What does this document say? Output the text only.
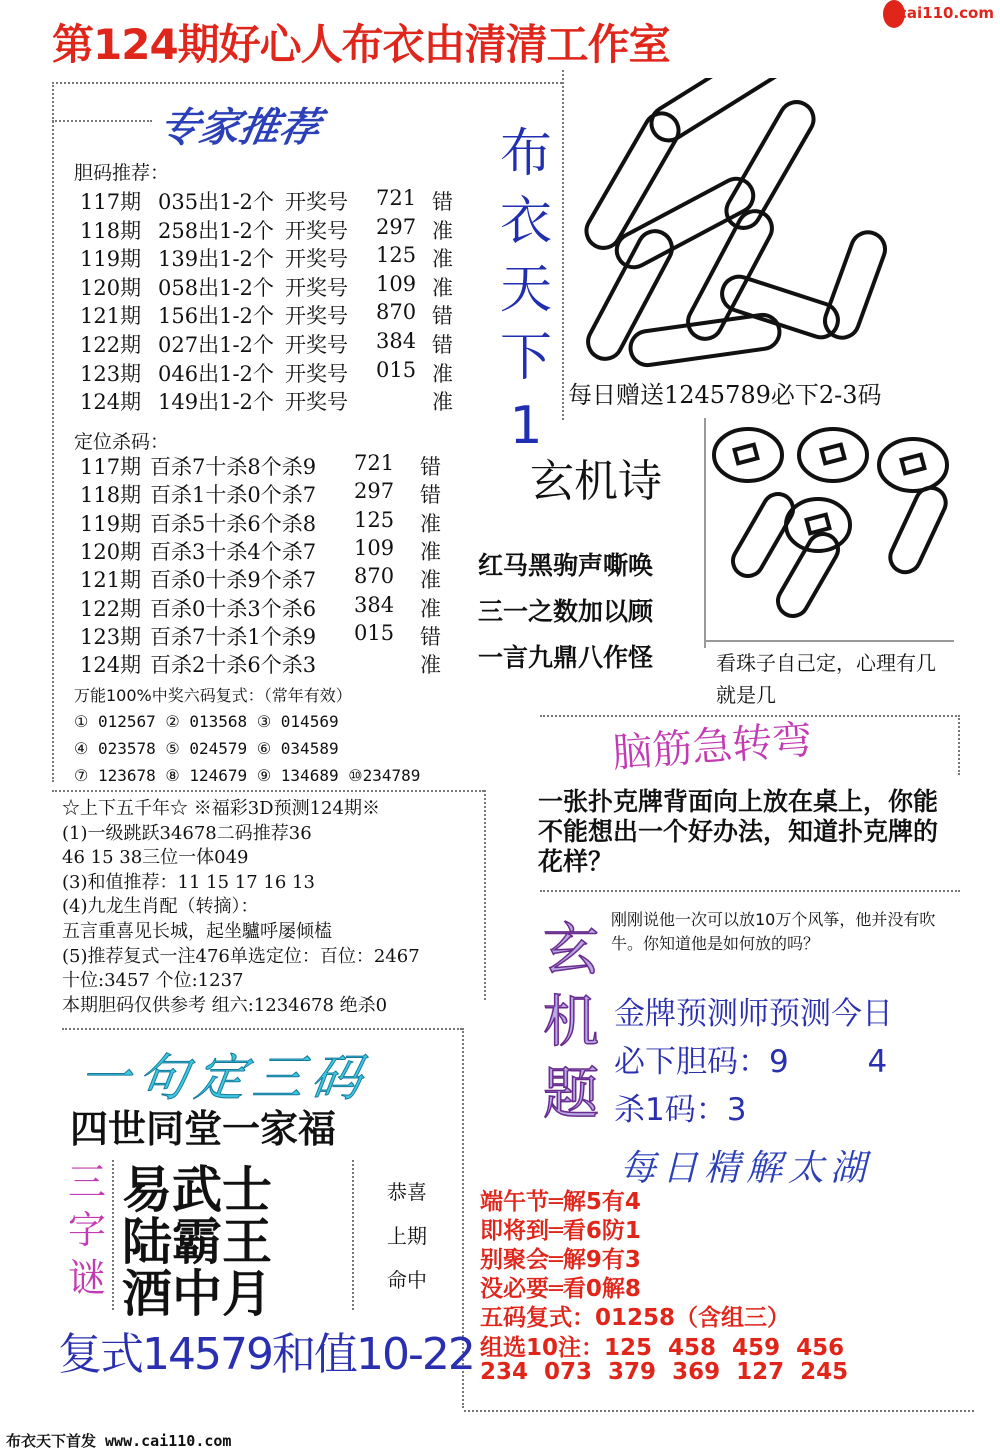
第124期好心人布衣由清清工作室
cai110.com
专家推荐
胆码推荐：
117期 035出1-2个 开奖号 721 错
118期 258出1-2个 开奖号 297 准
119期 139出1-2个 开奖号 125 准
120期 058出1-2个 开奖号 109 准
121期 156出1-2个 开奖号 870 错
122期 027出1-2个 开奖号 384 错
123期 046出1-2个 开奖号 015 准
124期 149出1-2个 开奖号	准
定位杀码：
117期 百杀7十杀8个杀9 721 错
118期 百杀1十杀0个杀7 297 错
119期 百杀5十杀6个杀8 125 准
120期 百杀3十杀4个杀7 109 准
121期 百杀0十杀9个杀7 870 准
122期 百杀0十杀3个杀6 384 准
123期 百杀7十杀1个杀9 015 错
124期 百杀2十杀6个杀3	准
万能100%中奖六码复式：（常年有效）
① 012567 ② 013568 ③ 014569
④ 023578 ⑤ 024579 ⑥ 034589
⑦ 123678 ⑧ 124679 ⑨ 134689 ⑩234789
☆上下五千年☆ ※福彩3D预测124期※
(1)一级跳跃34678二码推荐36
46 15 38三位一体049
(3)和值推荐：11 15 17 16 13
(4)九龙生肖配（转摘）：
五言重喜见长城，起坐驢呼屡倾榼
(5)推荐复式一注476单选定位：百位：2467
十位:3457 个位:1237
本期胆码仅供参考 组六:1234678 绝杀0
布
衣
天
下
1
每日赠送1245789必下2-3码
玄机诗
红马黑驹声嘶唤
三一之数加以顾
一言九鼎八作怪	看珠子自己定，心理有几就是几
脑筋急转弯
一张扑克牌背面向上放在桌上，你能不能想出一个好办法，知道扑克牌的花样？
玄
机
题
刚刚说他一次可以放10万个风筝，他并没有吹牛。你知道他是如何放的吗？
金牌预测师预测今日
必下胆码：9        4
杀1码：3
每日精解太湖
端午节═解5有4
即将到═看6防1
别聚会═解9有3
没必要═看0解8
五码复式：01258（含组三）
组选10注：125  458  459  456
234  073  379  369  127  245
一句定三码
四世同堂一家福
三
字
谜
易武士
陆霸王
酒中月
恭喜
上期
命中
复式14579和值10-22
布衣天下首发 www.cai110.com
